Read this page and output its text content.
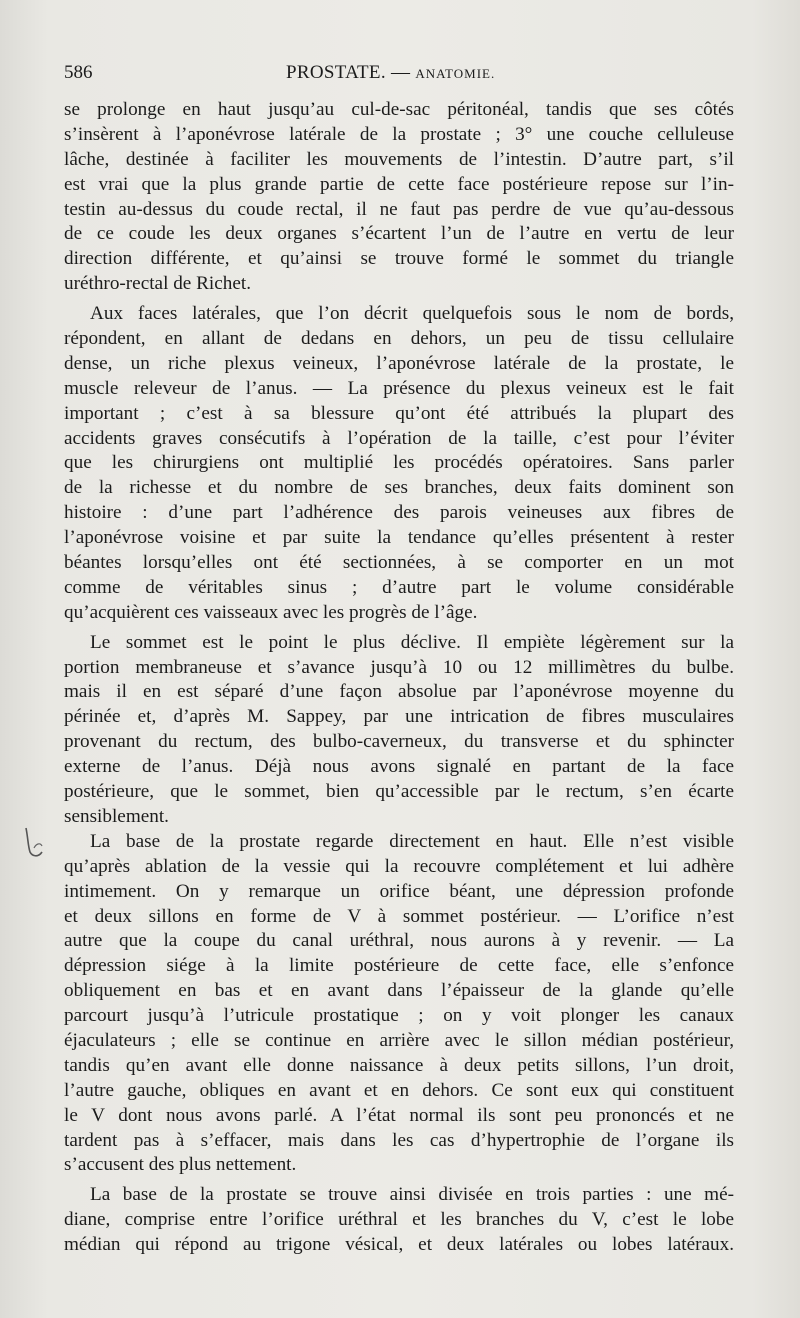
586	PROSTATE. — ANATOMIE.
se prolonge en haut jusqu’au cul-de-sac péritonéal, tandis que ses côtés
s’insèrent à l’aponévrose latérale de la prostate ; 3° une couche celluleuse
lâche, destinée à faciliter les mouvements de l’intestin. D’autre part, s’il
est vrai que la plus grande partie de cette face postérieure repose sur l’in-
testin au-dessus du coude rectal, il ne faut pas perdre de vue qu’au-dessous
de ce coude les deux organes s’écartent l’un de l’autre en vertu de leur
direction différente, et qu’ainsi se trouve formé le sommet du triangle
uréthro-rectal de Richet.
Aux faces latérales, que l’on décrit quelquefois sous le nom de bords,
répondent, en allant de dedans en dehors, un peu de tissu cellulaire
dense, un riche plexus veineux, l’aponévrose latérale de la prostate, le
muscle releveur de l’anus. — La présence du plexus veineux est le fait
important ; c’est à sa blessure qu’ont été attribués la plupart des
accidents graves consécutifs à l’opération de la taille, c’est pour l’éviter
que les chirurgiens ont multiplié les procédés opératoires. Sans parler
de la richesse et du nombre de ses branches, deux faits dominent son
histoire : d’une part l’adhérence des parois veineuses aux fibres de
l’aponévrose voisine et par suite la tendance qu’elles présentent à rester
béantes lorsqu’elles ont été sectionnées, à se comporter en un mot
comme de véritables sinus ; d’autre part le volume considérable
qu’acquièrent ces vaisseaux avec les progrès de l’âge.
Le sommet est le point le plus déclive. Il empiète légèrement sur la
portion membraneuse et s’avance jusqu’à 10 ou 12 millimètres du bulbe.
mais il en est séparé d’une façon absolue par l’aponévrose moyenne du
périnée et, d’après M. Sappey, par une intrication de fibres musculaires
provenant du rectum, des bulbo-caverneux, du transverse et du sphincter
externe de l’anus. Déjà nous avons signalé en partant de la face
postérieure, que le sommet, bien qu’accessible par le rectum, s’en écarte
sensiblement.
La base de la prostate regarde directement en haut. Elle n’est visible
qu’après ablation de la vessie qui la recouvre complétement et lui adhère
intimement. On y remarque un orifice béant, une dépression profonde
et deux sillons en forme de V à sommet postérieur. — L’orifice n’est
autre que la coupe du canal uréthral, nous aurons à y revenir. — La
dépression siége à la limite postérieure de cette face, elle s’enfonce
obliquement en bas et en avant dans l’épaisseur de la glande qu’elle
parcourt jusqu’à l’utricule prostatique ; on y voit plonger les canaux
éjaculateurs ; elle se continue en arrière avec le sillon médian postérieur,
tandis qu’en avant elle donne naissance à deux petits sillons, l’un droit,
l’autre gauche, obliques en avant et en dehors. Ce sont eux qui constituent
le V dont nous avons parlé. A l’état normal ils sont peu prononcés et ne
tardent pas à s’effacer, mais dans les cas d’hypertrophie de l’organe ils
s’accusent des plus nettement.
La base de la prostate se trouve ainsi divisée en trois parties : une mé-
diane, comprise entre l’orifice uréthral et les branches du V, c’est le lobe
médian qui répond au trigone vésical, et deux latérales ou lobes latéraux.
